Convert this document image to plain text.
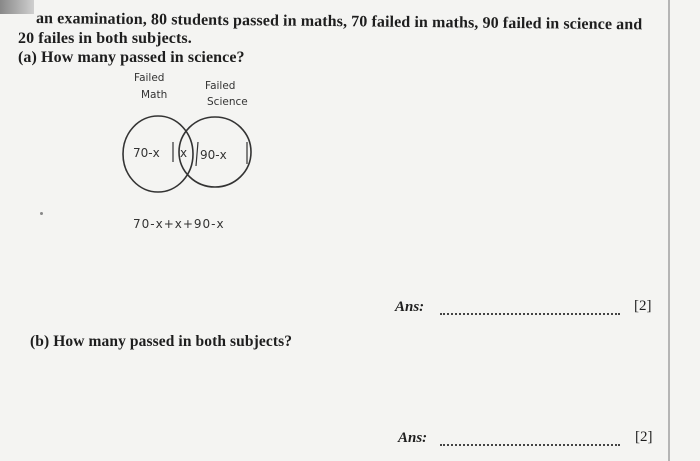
an examination, 80 students passed in maths, 70 failed in maths, 90 failed in science and
20 failes in both subjects.
(a) How many passed in science?
Failed
Math
Failed
Science
70-x x 90-x
70-x+x+90-x
Ans:	[2]
(b) How many passed in both subjects?
Ans:	[2]
